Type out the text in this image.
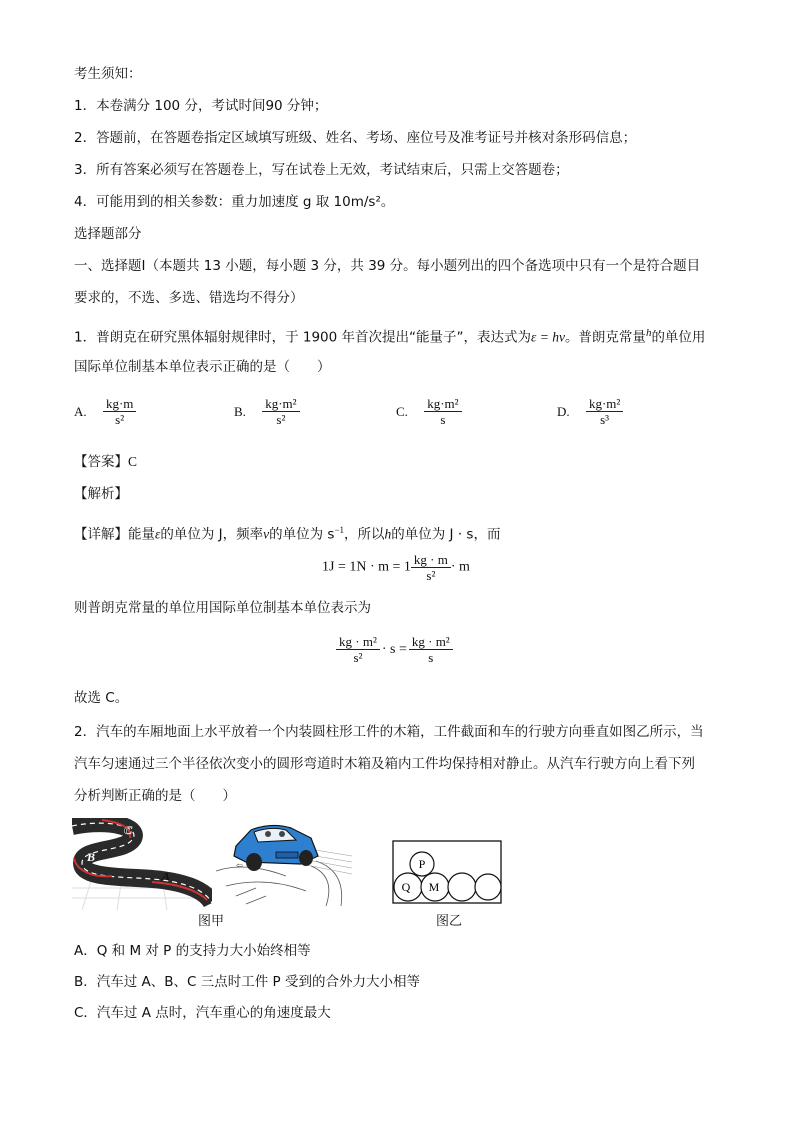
考生须知：
1．本卷满分 100 分，考试时间90 分钟；
2．答题前，在答题卷指定区域填写班级、姓名、考场、座位号及准考证号并核对条形码信息；
3．所有答案必须写在答题卷上，写在试卷上无效，考试结束后，只需上交答题卷；
4．可能用到的相关参数：重力加速度 g 取 10m/s²。
选择题部分
一、选择题Ⅰ（本题共 13 小题，每小题 3 分，共 39 分。每小题列出的四个备选项中只有一个是符合题目
要求的，不选、多选、错选均不得分）
1．普朗克在研究黑体辐射规律时，于 1900 年首次提出“能量子”，表达式为ε = hν。普朗克常量$^h$的单位用
国际单位制基本单位表示正确的是（　　）
A. $\frac{kg\cdot m}{\text{s²}}$	B. $\frac{\text{kg·m²}}{\text{s²}}$	C. $\frac{\text{kg·m²}}{s}$	D. $\frac{\text{kg·m²}}{\text{s³}}$
【答案】C
【解析】
【详解】能量ε的单位为 J，频率ν的单位为 $s^{-1}$，所以h的单位为 J · s，而
$1J = 1N \cdot m = 1 \frac{kg \cdot m}{\text{s²}} \cdot m$
则普朗克常量的单位用国际单位制基本单位表示为
$\frac{\text{kg · m²}}{\text{s²}} \cdot s = \frac{\text{kg · m²}}{s}$
故选 C。
2．汽车的车厢地面上水平放着一个内装圆柱形工件的木箱，工件截面和车的行驶方向垂直如图乙所示，当
汽车匀速通过三个半径依次变小的圆形弯道时木箱及箱内工件均保持相对静止。从汽车行驶方向上看下列
分析判断正确的是（　　）
C
B
A
⇦	P
Q M
图甲	图乙
A．Q 和 M 对 P 的支持力大小始终相等
B．汽车过 A、B、C 三点时工件 P 受到的合外力大小相等
C．汽车过 A 点时，汽车重心的角速度最大
